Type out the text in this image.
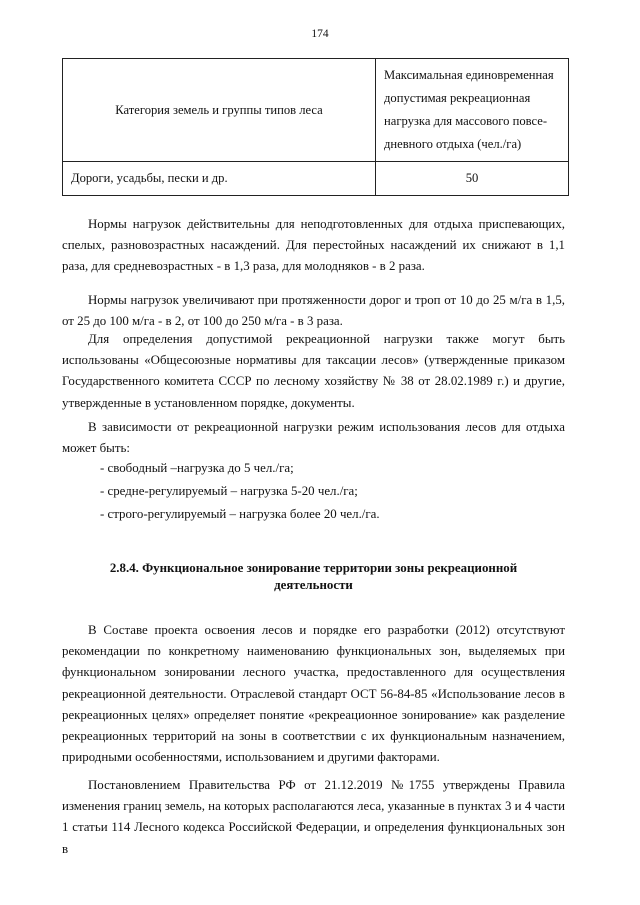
174
Категория земель и группы типов леса	Максимальная единовременная допустимая рекреационная нагрузка для массового повсе-дневного отдыха (чел./га)
Дороги, усадьбы, пески и др.	50
Нормы нагрузок действительны для неподготовленных для отдыха приспевающих, спелых, разновозрастных насаждений. Для перестойных насаждений их снижают в 1,1 раза, для средневозрастных - в 1,3 раза, для молодняков - в 2 раза.
Нормы нагрузок увеличивают при протяженности дорог и троп от 10 до 25 м/га в 1,5, от 25 до 100 м/га - в 2, от 100 до 250 м/га - в 3 раза.
Для определения допустимой рекреационной нагрузки также могут быть использованы «Общесоюзные нормативы для таксации лесов» (утвержденные приказом Государственного комитета СССР по лесному хозяйству № 38 от 28.02.1989 г.) и другие, утвержденные в установленном порядке, документы.
В зависимости от рекреационной нагрузки режим использования лесов для отдыха может быть:
- свободный –нагрузка до 5 чел./га;
- средне-регулируемый – нагрузка 5-20 чел./га;
- строго-регулируемый – нагрузка более 20 чел./га.
2.8.4. Функциональное зонирование территории зоны рекреационной
деятельности
В Составе проекта освоения лесов и порядке его разработки (2012) отсутствуют рекомендации по конкретному наименованию функциональных зон, выделяемых при функциональном зонировании лесного участка, предоставленного для осуществления рекреационной деятельности. Отраслевой стандарт ОСТ 56-84-85 «Использование лесов в рекреационных целях» определяет понятие «рекреационное зонирование» как разделение рекреационных территорий на зоны в соответствии с их функциональным назначением, природными особенностями, использованием и другими факторами.
Постановлением Правительства РФ от 21.12.2019 №1755 утверждены Правила изменения границ земель, на которых располагаются леса, указанные в пунктах 3 и 4 части 1 статьи 114 Лесного кодекса Российской Федерации, и определения функциональных зон в
